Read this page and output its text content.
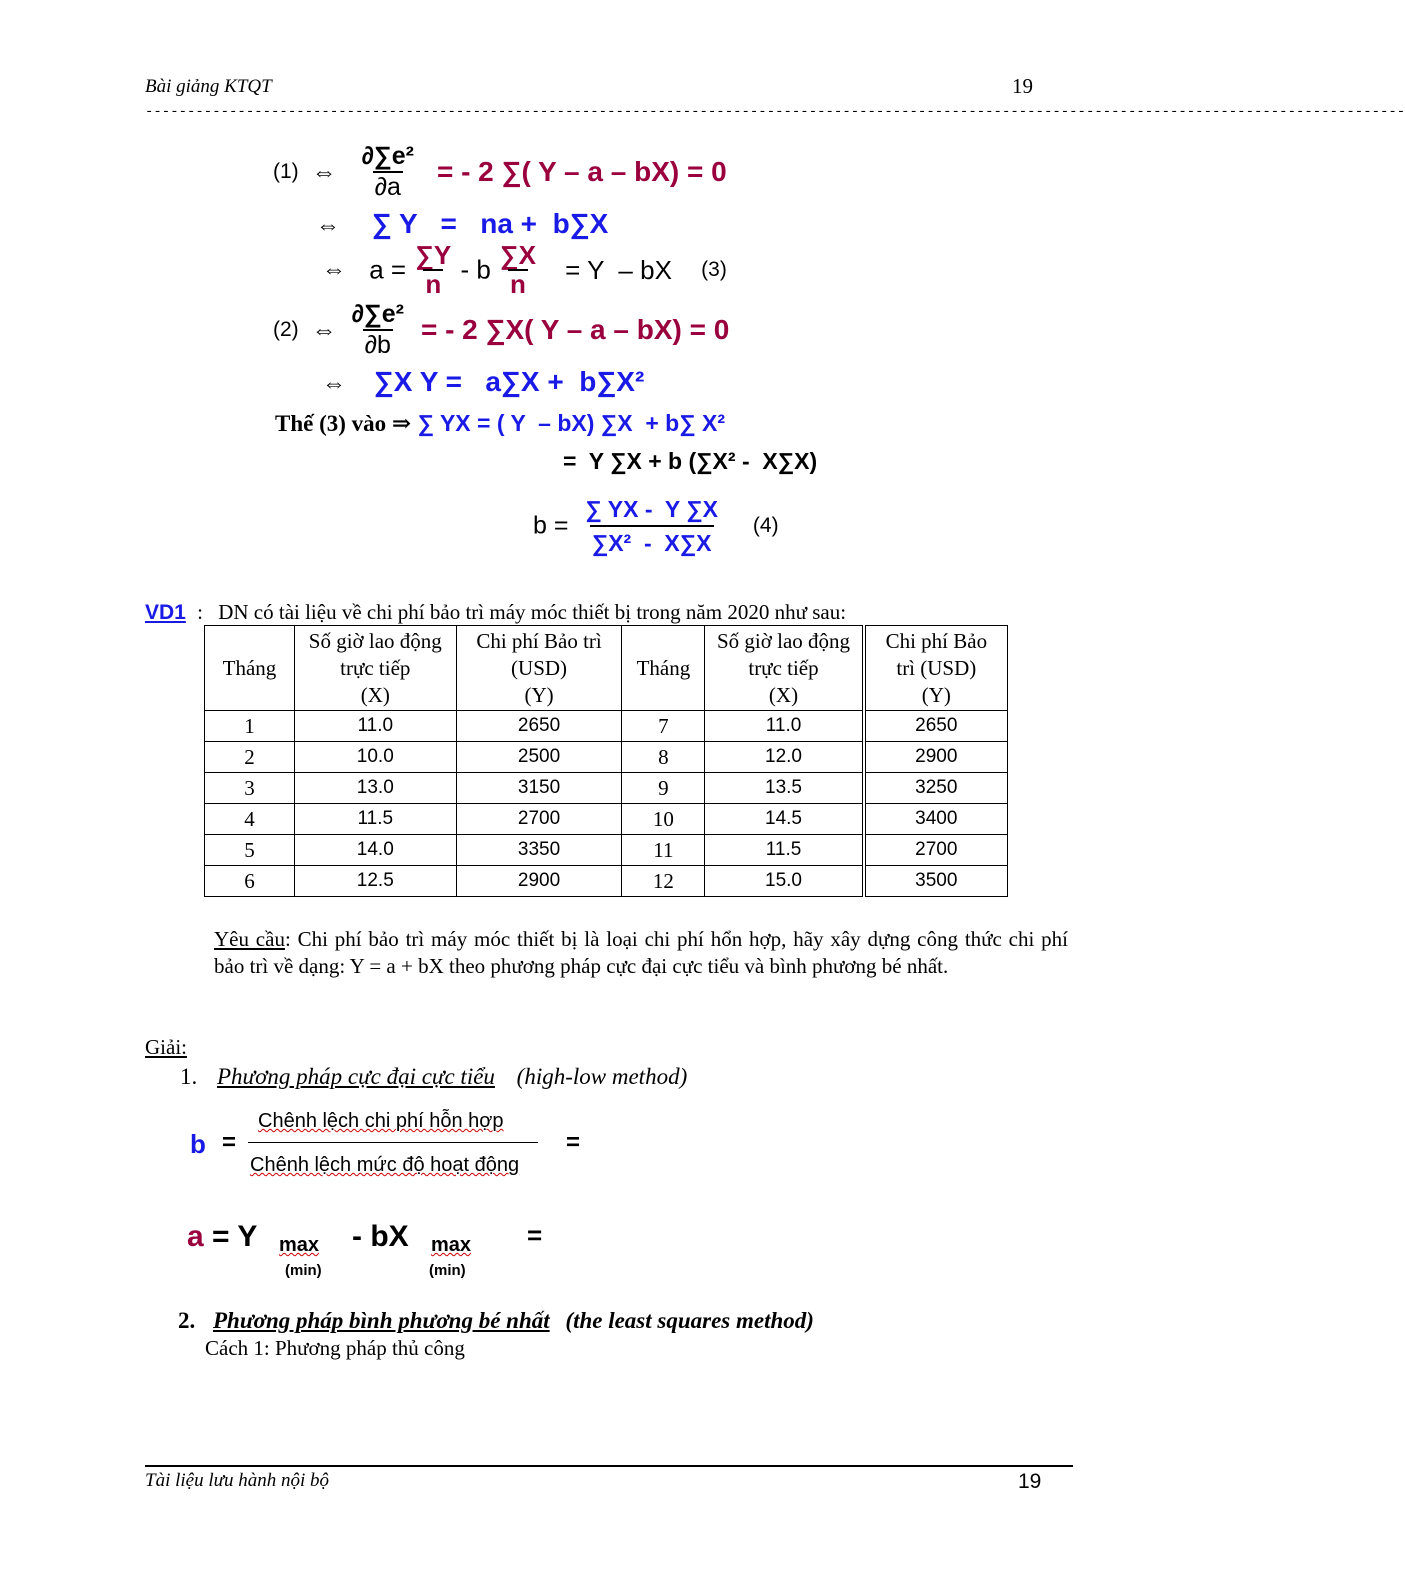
Bài giảng KTQT	19
------------------------------------------------------------------------------------------------------------------------------------------------------
(1) ⇔ $\frac{\text{∂∑e²}}{\partial a}$ = - 2 ∑( Y – a – bX) = 0
⇔ ∑ Y   =   na +  b∑X
⇔ $a = \frac{\sum Y}{n} - b \frac{\sum X}{n} = Y$  – bX (3)
(2) ⇔ $\frac{\text{∂∑e²}}{\partial b}$ = - 2 ∑X( Y – a – bX) = 0
⇔ ∑X Y =   a∑X +  b∑X²
Thế (3) vào ⇒ ∑ YX = ( Y  – bX) ∑X  + b∑ X²
=  Y ∑X + b (∑X² -  X∑X)
$b = \frac{\sum YX - Y \sum X}{\text{∑X²  -  X∑X}} (4)$
VD1 : DN có tài liệu về chi phí bảo trì máy móc thiết bị trong năm 2020 như sau:
Tháng	Số giờ lao động
trực tiếp
(X)	Chi phí Bảo trì
(USD)
(Y)	Tháng	Số giờ lao động
trực tiếp
(X)	Chi phí Bảo
trì (USD)
(Y)
1	11.0	2650	7	11.0	2650
2	10.0	2500	8	12.0	2900
3	13.0	3150	9	13.5	3250
4	11.5	2700	10	14.5	3400
5	14.0	3350	11	11.5	2700
6	12.5	2900	12	15.0	3500
Yêu cầu: Chi phí bảo trì máy móc thiết bị là loại chi phí hổn hợp, hãy xây dựng công thức chi phí bảo trì về dạng: Y = a + bX theo phương pháp cực đại cực tiểu và bình phương bé nhất.
Giải:
1. Phương pháp cực đại cực tiểu (high-low method)
b =
Chênh lệch chi phí hỗn hợp
Chênh lệch mức độ hoạt động
=
a = Y max
(min)
- bX max
(min)
=
2. Phương pháp bình phương bé nhất (the least squares method)
Cách 1: Phương pháp thủ công
Tài liệu lưu hành nội bộ	19
